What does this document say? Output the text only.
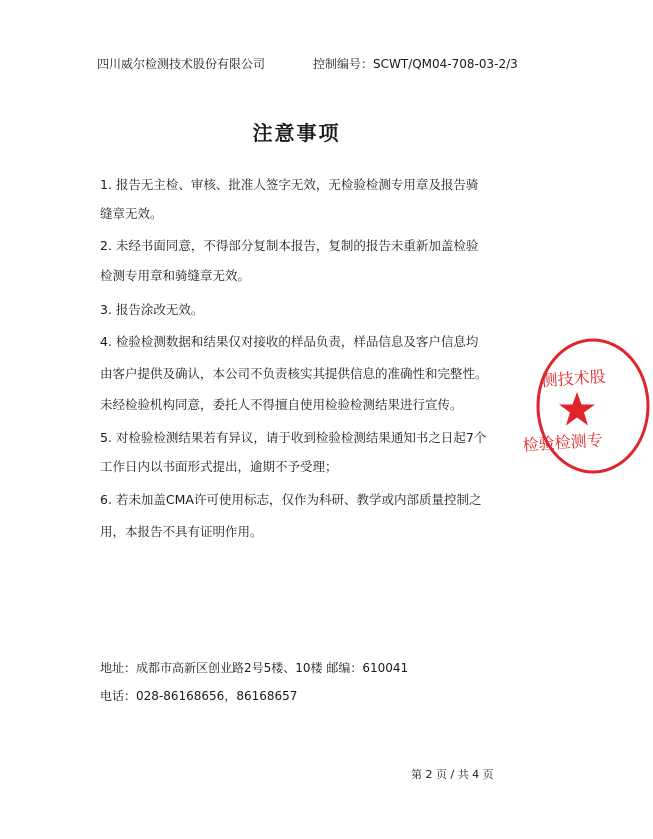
四川威尔检测技术股份有限公司	控制编号：SCWT/QM04-708-03-2/3
注意事项
1. 报告无主检、审核、批准人签字无效，无检验检测专用章及报告骑
缝章无效。
2. 未经书面同意，不得部分复制本报告，复制的报告未重新加盖检验
检测专用章和骑缝章无效。
3. 报告涂改无效。
4. 检验检测数据和结果仅对接收的样品负责，样品信息及客户信息均
由客户提供及确认，本公司不负责核实其提供信息的准确性和完整性。
未经检验机构同意，委托人不得擅自使用检验检测结果进行宣传。
5. 对检验检测结果若有异议，请于收到检验检测结果通知书之日起7个
工作日内以书面形式提出，逾期不予受理；
6. 若未加盖CMA许可使用标志，仅作为科研、教学或内部质量控制之
用，本报告不具有证明作用。
地址：成都市高新区创业路2号5楼、10楼 邮编：610041
电话：028-86168656，86168657
第 2 页 / 共 4 页
测技术股
检验检测专
